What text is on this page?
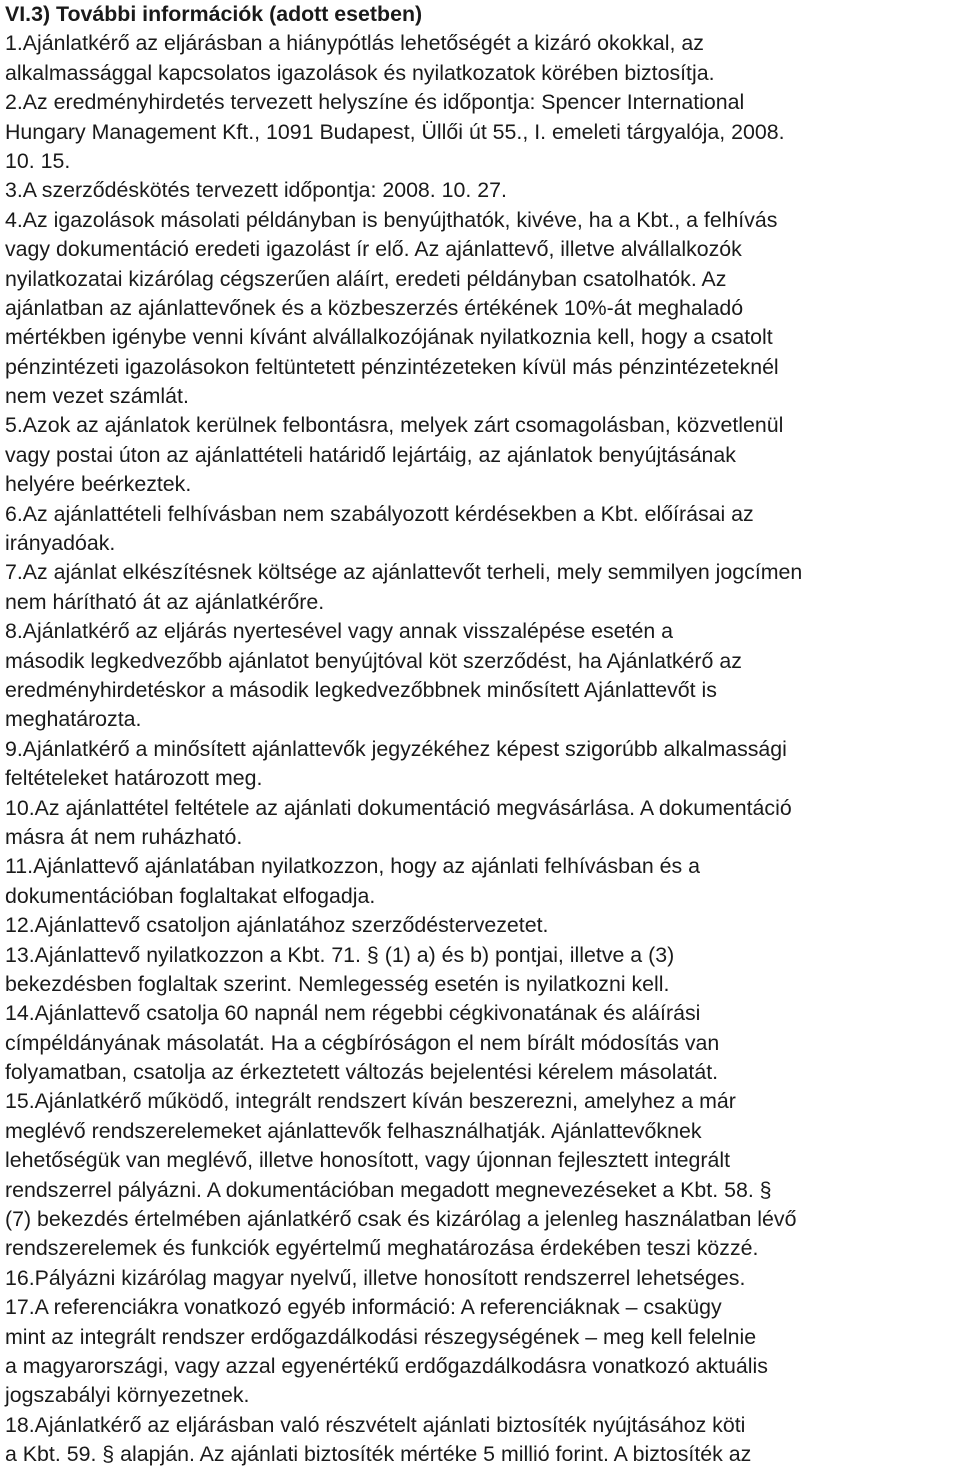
VI.3) További információk (adott esetben)
1.Ajánlatkérő az eljárásban a hiánypótlás lehetőségét a kizáró okokkal, az
alkalmassággal kapcsolatos igazolások és nyilatkozatok körében biztosítja.
2.Az eredményhirdetés tervezett helyszíne és időpontja: Spencer International
Hungary Management Kft., 1091 Budapest, Üllői út 55., I. emeleti tárgyalója, 2008.
10. 15.
3.A szerződéskötés tervezett időpontja: 2008. 10. 27.
4.Az igazolások másolati példányban is benyújthatók, kivéve, ha a Kbt., a felhívás
vagy dokumentáció eredeti igazolást ír elő. Az ajánlattevő, illetve alvállalkozók
nyilatkozatai kizárólag cégszerűen aláírt, eredeti példányban csatolhatók. Az
ajánlatban az ajánlattevőnek és a közbeszerzés értékének 10%-át meghaladó
mértékben igénybe venni kívánt alvállalkozójának nyilatkoznia kell, hogy a csatolt
pénzintézeti igazolásokon feltüntetett pénzintézeteken kívül más pénzintézeteknél
nem vezet számlát.
5.Azok az ajánlatok kerülnek felbontásra, melyek zárt csomagolásban, közvetlenül
vagy postai úton az ajánlattételi határidő lejártáig, az ajánlatok benyújtásának
helyére beérkeztek.
6.Az ajánlattételi felhívásban nem szabályozott kérdésekben a Kbt. előírásai az
irányadóak.
7.Az ajánlat elkészítésnek költsége az ajánlattevőt terheli, mely semmilyen jogcímen
nem hárítható át az ajánlatkérőre.
8.Ajánlatkérő az eljárás nyertesével vagy annak visszalépése esetén a
második legkedvezőbb ajánlatot benyújtóval köt szerződést, ha Ajánlatkérő az
eredményhirdetéskor a második legkedvezőbbnek minősített Ajánlattevőt is
meghatározta.
9.Ajánlatkérő a minősített ajánlattevők jegyzékéhez képest szigorúbb alkalmassági
feltételeket határozott meg.
10.Az ajánlattétel feltétele az ajánlati dokumentáció megvásárlása. A dokumentáció
másra át nem ruházható.
11.Ajánlattevő ajánlatában nyilatkozzon, hogy az ajánlati felhívásban és a
dokumentációban foglaltakat elfogadja.
12.Ajánlattevő csatoljon ajánlatához szerződéstervezetet.
13.Ajánlattevő nyilatkozzon a Kbt. 71. § (1) a) és b) pontjai, illetve a (3)
bekezdésben foglaltak szerint. Nemlegesség esetén is nyilatkozni kell.
14.Ajánlattevő csatolja 60 napnál nem régebbi cégkivonatának és aláírási
címpéldányának másolatát. Ha a cégbíróságon el nem bírált módosítás van
folyamatban, csatolja az érkeztetett változás bejelentési kérelem másolatát.
15.Ajánlatkérő működő, integrált rendszert kíván beszerezni, amelyhez a már
meglévő rendszerelemeket ajánlattevők felhasználhatják. Ajánlattevőknek
lehetőségük van meglévő, illetve honosított, vagy újonnan fejlesztett integrált
rendszerrel pályázni. A dokumentációban megadott megnevezéseket a Kbt. 58. §
(7) bekezdés értelmében ajánlatkérő csak és kizárólag a jelenleg használatban lévő
rendszerelemek és funkciók egyértelmű meghatározása érdekében teszi közzé.
16.Pályázni kizárólag magyar nyelvű, illetve honosított rendszerrel lehetséges.
17.A referenciákra vonatkozó egyéb információ: A referenciáknak – csakügy
mint az integrált rendszer erdőgazdálkodási részegységének – meg kell felelnie
a magyarországi, vagy azzal egyenértékű erdőgazdálkodásra vonatkozó aktuális
jogszabályi környezetnek.
18.Ajánlatkérő az eljárásban való részvételt ajánlati biztosíték nyújtásához köti
a Kbt. 59. § alapján. Az ajánlati biztosíték mértéke 5 millió forint. A biztosíték az
